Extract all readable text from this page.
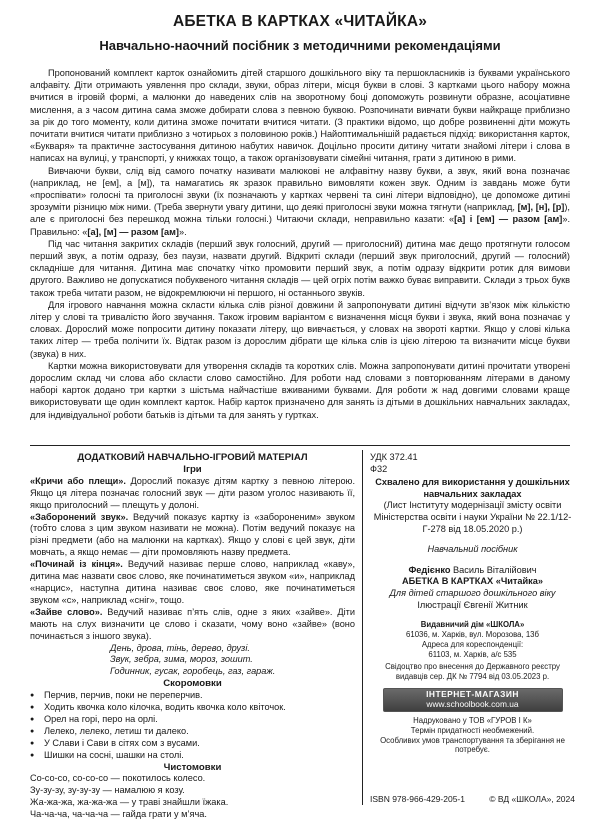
АБЕТКА В КАРТКАХ «ЧИТАЙКА»
Навчально-наочний посібник з методичними рекомендаціями

Пропонований комплект карток ознайомить дітей старшого дошкільного віку та першокласників із буквами українського алфавіту. Діти отримають уявлення про склади, звуки, образ літери, місця букви в слові. З картками цього набору можна вчитися в ігровій формі, а малюнки до наведених слів на зворотному боці допоможуть розвинути образне, асоціативне мислення, а з часом дитина сама зможе добирати слова з певною буквою. Розпочинати вивчати букви найкраще приблизно за рік до того моменту, коли дитина зможе почитати вчитися читати. (З практики відомо, що добре розвиненні діти можуть почитати вчитися читати приблизно з чотирьох з половиною років.) Найоптимальнішій радається підхід: використання карток, «Букваря» та практичне застосування дитиною набутих навичок. Доцільно просити дитину читати знайомі літери і слова в написах на вулиці, у транспорті, у книжках тощо, а також організовувати сімейні читання, грати з дитиною в рими.

Вивчаючи букви, слід від самого початку називати малюкові не алфавітну назву букви, а звук, який вона позначає (наприклад, не [ем], а [м]), та намагатись як зразок правильно вимовляти кожен звук. Одним із завдань може бути «проспівати» голосні та приголосні звуки (їх позначають у картках червені та сині літери відповідно), це допоможе дитині зрозуміти різницю між ними. (Треба звернути увагу дитини, що деякі приголосні звуки можна тягнути (наприклад, [м], [н], [р]), але є приголосні без перешкод можна тільки голосні.) Читаючи склади, неправильно казати: «[а] і [ем] — разом [ам]». Правильно: «[а], [м] — разом [ам]».

Під час читання закритих складів (перший звук голосний, другий — приголосний) дитина має дещо протягнути голосом перший звук, а потім одразу, без паузи, назвати другий. Відкриті склади (перший звук приголосний, другий — голосний) складніше для читання. Дитина має спочатку чітко промовити перший звук, а потім одразу відкрити ротик для вимови другого. Важливо не допускатися побуквеного читання складів — цей огріх потім важко буває виправити. Склади з трьох букв також треба читати разом, не відокремлюючи ні першого, ні останнього звуків.

Для ігрового навчання можна скласти кілька слів різної довжини й запропонувати дитині відчути зв’язок між кількістю літер у слові та тривалістю його звучання. Також ігровим варіантом є визначення місця букви і звука, який вона позначає у словах. Дорослий може попросити дитину показати літеру, що вивчається, у словах на звороті картки. Якщо у слові кілька таких літер — треба полічити їх. Відтак разом із дорослим дібрати ще кілька слів із цією літерою та визначити місце букви (звука) в них.

Картки можна використовувати для утворення складів та коротких слів. Можна запропонувати дитині прочитати утворені дорослим склад чи слова або скласти слово самостійно. Для роботи над словами з повторюванням літерами в даному наборі карток додано три картки з шістьма найчастіше вживаними буквами. Для роботи ж над довгими словами краще використовувати ще один комплект карток. Набір карток призначено для занять із дітьми в дошкільних навчальних закладах, для індивідуальної роботи батьків із дітьми та для занять у гуртках.

ДОДАТКОВИЙ НАВЧАЛЬНО-ІГРОВИЙ МАТЕРІАЛ
Ігри

«Кричи або плещи». Дорослий показує дітям картку з певною літерою. Якщо ця літера позначає голосний звук — діти разом уголос називають її, якщо приголосний — плещуть у долоні.

«Заборонений звук». Ведучий показує картку із «забороненим» звуком (тобто слова з цим звуком називати не можна). Потім ведучий показує на різні предмети (або на малюнки на картках). Якщо у слові є цей звук, діти мовчать, а якщо немає — діти промовляють назву предмета.

«Починай із кінця». Ведучий називає перше слово, наприклад «каву», дитина має назвати своє слово, яке починатиметься звуком «и», наприклад «нарцис», наступна дитина називає своє слово, яке починатиметься звуком «с», наприклад «сніг», тощо.

«Зайве слово». Ведучий називає п’ять слів, одне з яких «зайве». Діти мають на слух визначити це слово і сказати, чому воно «зайве» (воно починається з іншого звука).

День, дрова, тінь, дерево, друзі.
Звук, зебра, зима, мороз, зошит.
Годинник, гусак, горобець, газ, гараж.
Скоромовки
● Перчив, перчив, поки не переперчив.
● Ходить квочка коло кілочка, водить квочка коло квіточок.
● Орел на горі, перо на орлі.
● Лелеко, лелеко, летиш ти далеко.
● У Слави і Сави в сітях сом з вусами.
● Шишки на сосні, шашки на столі.
Чистомовки
Со-со-со, со-со-со — покотилось колесо.
Зу-зу-зу, зу-зу-зу — намалюю я козу.
Жа-жа-жа, жа-жа-жа — у траві знайшли їжака.
Ча-ча-ча, ча-ча-ча — гайда грати у м’яча.
УДК 372.41
Ф32
Схвалено для використання у дошкільних навчальних закладах
(Лист Інституту модернізації змісту освіти Міністерства освіти і науки України № 22.1/12-Г-278 від 18.05.2020 р.)
Навчальний посібник
Федієнко Василь Віталійович
АБЕТКА В КАРТКАХ «Читайка»
Для дітей старшого дошкільного віку
Ілюстрації Євгенії Житник
Видавничий дім «ШКОЛА»
61036, м. Харків, вул. Морозова, 13б
Адреса для кореспонденції:
61103, м. Харків, а/с 535
Свідоцтво про внесення до Державного реєстру видавців сер. ДК № 7794 від 03.05.2023 р.
ІНТЕРНЕТ-МАГАЗИН
www.schoolbook.com.ua
Надруковано у ТОВ «ГУРОВ І К»
Термін придатності необмежений.
Особливих умов транспортування та зберігання не потребує.
ISBN 978-966-429-205-1	© ВД «ШКОЛА», 2024
